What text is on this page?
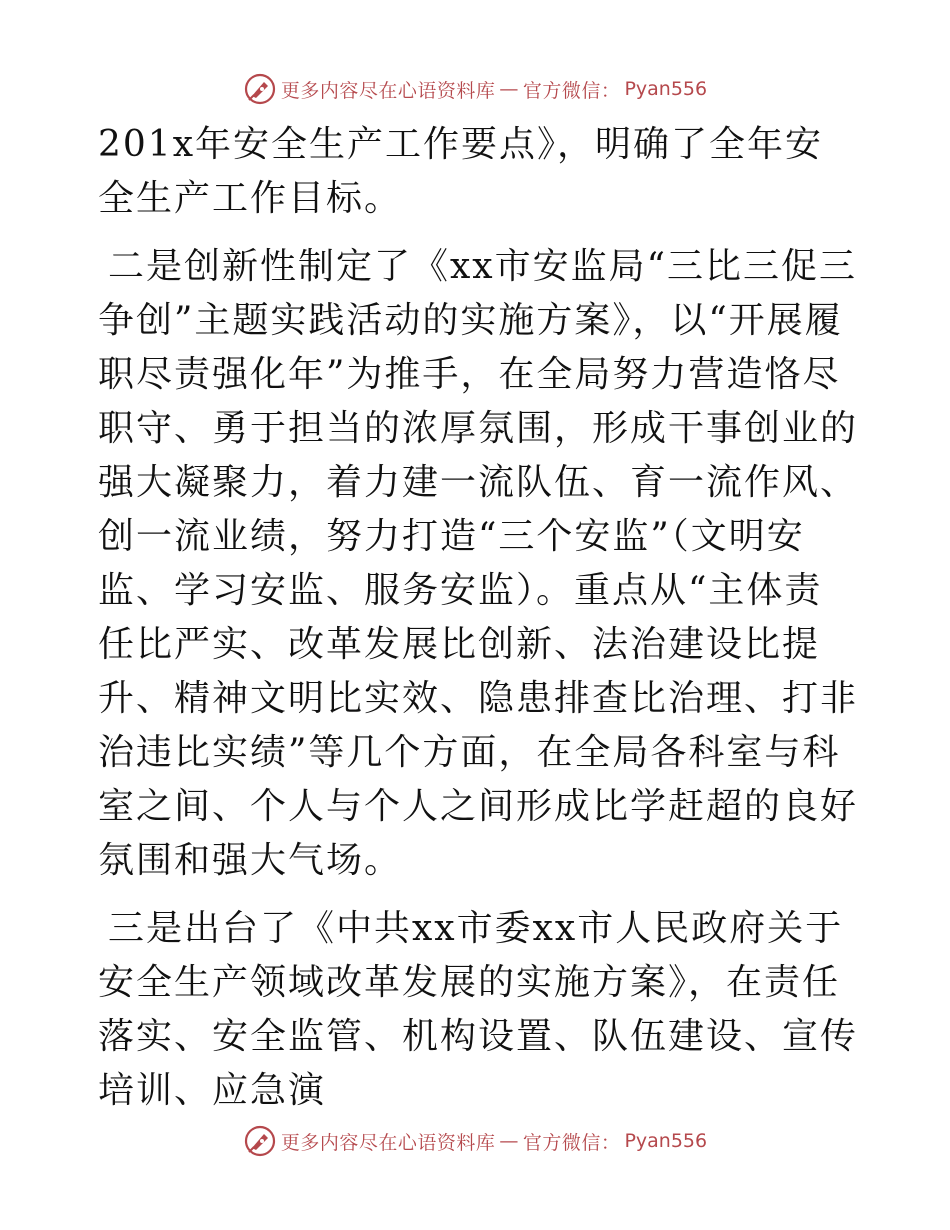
更多内容尽在心语资料库 — 官方微信： Pyan556

201x年安全生产工作要点》，明确了全年安全生产工作目标。

二是创新性制定了《xx市安监局“三比三促三争创”主题实践活动的实施方案》，以“开展履职尽责强化年”为推手，在全局努力营造恪尽职守、勇于担当的浓厚氛围，形成干事创业的强大凝聚力，着力建一流队伍、育一流作风、创一流业绩，努力打造“三个安监”（文明安监、学习安监、服务安监）。重点从“主体责任比严实、改革发展比创新、法治建设比提升、精神文明比实效、隐患排查比治理、打非治违比实绩”等几个方面，在全局各科室与科室之间、个人与个人之间形成比学赶超的良好氛围和强大气场。

三是出台了《中共xx市委xx市人民政府关于安全生产领域改革发展的实施方案》，在责任落实、安全监管、机构设置、队伍建设、宣传培训、应急演

更多内容尽在心语资料库 — 官方微信： Pyan556
